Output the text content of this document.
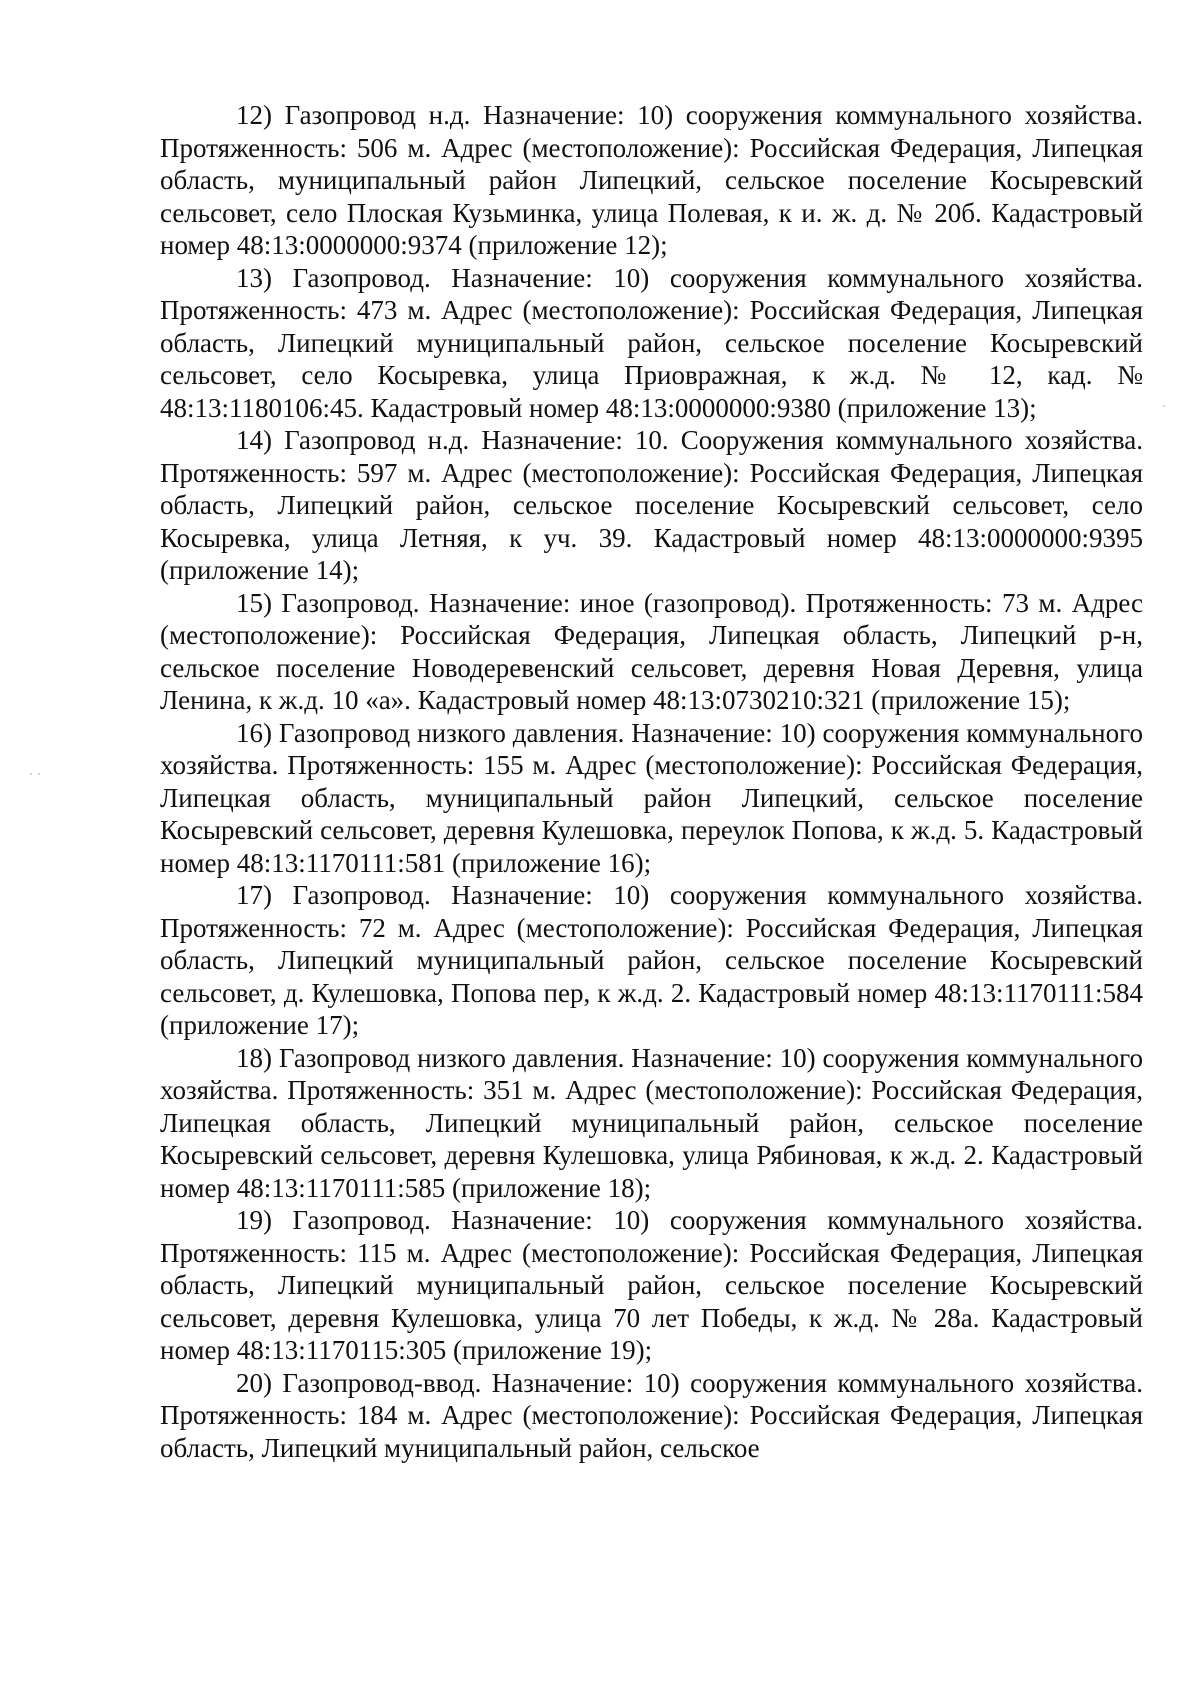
12) Газопровод н.д. Назначение: 10) сооружения коммунального хозяйства. Протяженность: 506 м. Адрес (местоположение): Российская Федерация, Липецкая область, муниципальный район Липецкий, сельское поселение Косыревский сельсовет, село Плоская Кузьминка, улица Полевая, к и. ж. д. № 20б. Кадастровый номер 48:13:0000000:9374 (приложение 12);

13) Газопровод. Назначение: 10) сооружения коммунального хозяйства. Протяженность: 473 м. Адрес (местоположение): Российская Федерация, Липецкая область, Липецкий муниципальный район, сельское поселение Косыревский сельсовет, село Косыревка, улица Приовражная, к ж.д. № 12, кад. № 48:13:1180106:45. Кадастровый номер 48:13:0000000:9380 (приложение 13);

14) Газопровод н.д. Назначение: 10. Сооружения коммунального хозяйства. Протяженность: 597 м. Адрес (местоположение): Российская Федерация, Липецкая область, Липецкий район, сельское поселение Косыревский сельсовет, село Косыревка, улица Летняя, к уч. 39. Кадастровый номер 48:13:0000000:9395 (приложение 14);

15) Газопровод. Назначение: иное (газопровод). Протяженность: 73 м. Адрес (местоположение): Российская Федерация, Липецкая область, Липецкий р-н, сельское поселение Новодеревенский сельсовет, деревня Новая Деревня, улица Ленина, к ж.д. 10 «а». Кадастровый номер 48:13:0730210:321 (приложение 15);

16) Газопровод низкого давления. Назначение: 10) сооружения коммунального хозяйства. Протяженность: 155 м. Адрес (местоположение): Российская Федерация, Липецкая область, муниципальный район Липецкий, сельское поселение Косыревский сельсовет, деревня Кулешовка, переулок Попова, к ж.д. 5. Кадастровый номер 48:13:1170111:581 (приложение 16);

17) Газопровод. Назначение: 10) сооружения коммунального хозяйства. Протяженность: 72 м. Адрес (местоположение): Российская Федерация, Липецкая область, Липецкий муниципальный район, сельское поселение Косыревский сельсовет, д. Кулешовка, Попова пер, к ж.д. 2. Кадастровый номер 48:13:1170111:584 (приложение 17);

18) Газопровод низкого давления. Назначение: 10) сооружения коммунального хозяйства. Протяженность: 351 м. Адрес (местоположение): Российская Федерация, Липецкая область, Липецкий муниципальный район, сельское поселение Косыревский сельсовет, деревня Кулешовка, улица Рябиновая, к ж.д. 2. Кадастровый номер 48:13:1170111:585 (приложение 18);

19) Газопровод. Назначение: 10) сооружения коммунального хозяйства. Протяженность: 115 м. Адрес (местоположение): Российская Федерация, Липецкая область, Липецкий муниципальный район, сельское поселение Косыревский сельсовет, деревня Кулешовка, улица 70 лет Победы, к ж.д. № 28а. Кадастровый номер 48:13:1170115:305 (приложение 19);

20) Газопровод-ввод. Назначение: 10) сооружения коммунального хозяйства. Протяженность: 184 м. Адрес (местоположение): Российская Федерация, Липецкая область, Липецкий муниципальный район, сельское
